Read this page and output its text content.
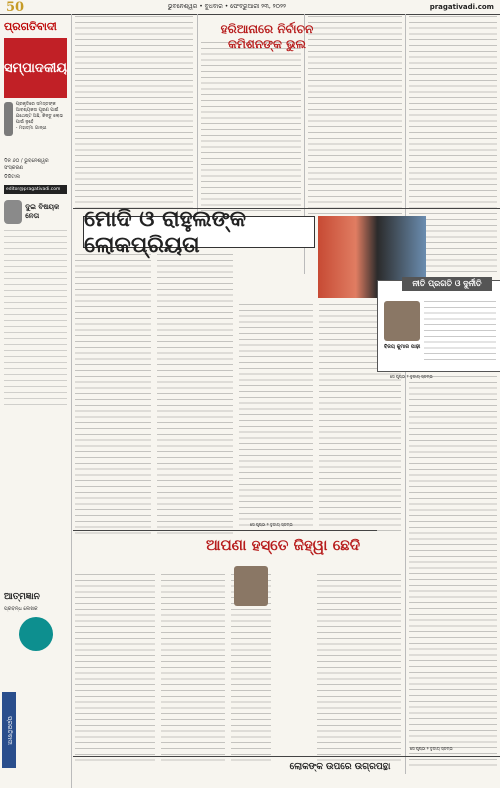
50	ଭୁବନେଶ୍ୱର • ବୁଧବାର • ଫେବ୍ରୁଆରୀ ୨୩, ୨୦୨୨	pragativadi.com
ପ୍ରଗତିବାଦୀ
ସମ୍ପାଦକୀୟ
ପ୍ରକୃତିରେ ସମସ୍ତଙ୍କ ଆବଶ୍ୟକତା ପୂରଣ ପାଇଁ ଯଥେଷ୍ଟ ଅଛି, କିନ୍ତୁ ଲୋଭ ପାଇଁ ନୁହେଁ
- ମହାତ୍ମା ଗାନ୍ଧୀ
ଦିନ ୬୦ / ଭୁବନେଶ୍ୱର ସଂସ୍କରଣ
ଡିଜିଟାଲ
editor@pragativadi.com
ଦୁଇ ବିଷୟକ ନେତା
ଆତ୍ମଜ୍ଞାନ
ପ୍ରବନ୍ଧ ଲେଖକ
ପ୍ରଗତିବାଦୀ
ହରିଆନାରେ ନିର୍ବାଚନ କମିଶନଙ୍କ ଭୁଲ
ମୋଦି ଓ ରାହୁଲଙ୍କ ଲୋକପ୍ରିୟତା
ବିଜୟ କୁମାର ପାଢ଼ୀ
ନୀତି ପ୍ରଗତି ଓ ଦୁର୍ନୀତି
ଆପଣା ହସ୍ତେ ଜିହ୍ୱା ଛେଦି
ଲୋକଙ୍କ ଉପରେ ଉଗ୍ରପନ୍ଥା
ସେ ପୃଷ୍ଠା ୨ ତୃତୀୟ ସ୍ତମ୍ଭ
ସେ ପୃଷ୍ଠା ୨ ତୃତୀୟ ସ୍ତମ୍ଭ
ସେ ପୃଷ୍ଠା ୨ ତୃତୀୟ ସ୍ତମ୍ଭ
